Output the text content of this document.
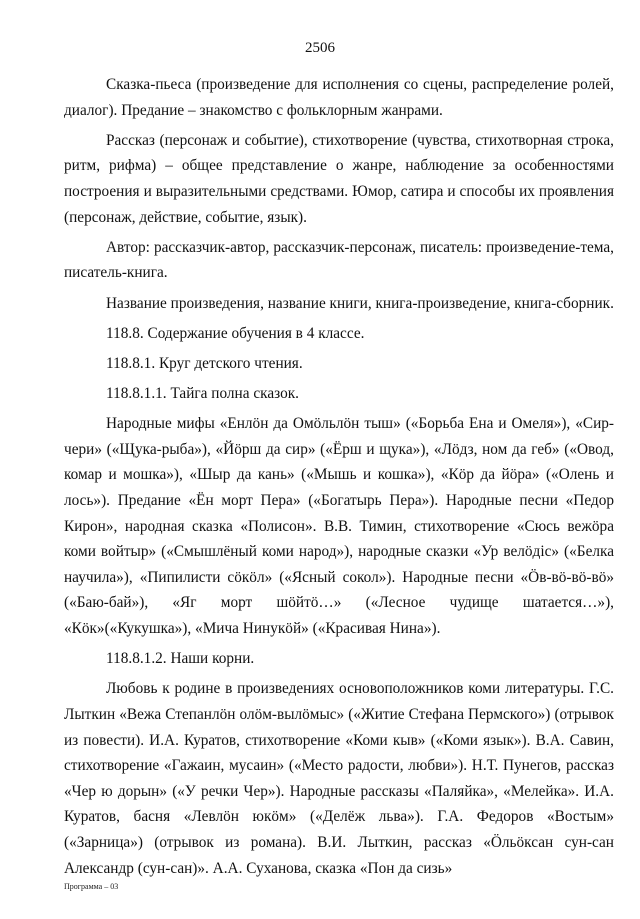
2506

Сказка-пьеса (произведение для исполнения со сцены, распределение ролей, диалог). Предание – знакомство с фольклорным жанрами.

Рассказ (персонаж и событие), стихотворение (чувства, стихотворная строка, ритм, рифма) – общее представление о жанре, наблюдение за особенностями построения и выразительными средствами. Юмор, сатира и способы их проявления (персонаж, действие, событие, язык).

Автор: рассказчик-автор, рассказчик-персонаж, писатель: произведение-тема, писатель-книга.

Название произведения, название книги, книга-произведение, книга-сборник.

118.8. Содержание обучения в 4 классе.

118.8.1. Круг детского чтения.

118.8.1.1. Тайга полна сказок.

Народные мифы «Енлӧн да Омӧльлӧн тыш» («Борьба Ена и Омеля»), «Сир-чери» («Щука-рыба»), «Йӧрш да сир» («Ёрш и щука»), «Лӧдз, ном да геб» («Овод, комар и мошка»), «Шыр да кань» («Мышь и кошка»), «Кӧр да йӧра» («Олень и лось»). Предание «Ён морт Пера» («Богатырь Пера»). Народные песни «Педор Кирон», народная сказка «Полисон». В.В. Тимин, стихотворение «Сюсь вежӧра коми войтыр» («Смышлёный коми народ»), народные сказки «Ур велӧдіс» («Белка научила»), «Пипилисти сӧкӧл» («Ясный сокол»). Народные песни «Ӧв-вӧ-вӧ-вӧ» («Баю-бай»), «Яг морт шӧйтӧ…» («Лесное чудище шатается…»), «Кӧк»(«Кукушка»), «Мича Нинукӧй» («Красивая Нина»).

118.8.1.2. Наши корни.

Любовь к родине в произведениях основоположников коми литературы. Г.С. Лыткин «Вежа Степанлӧн олӧм-вылӧмыс» («Житие Стефана Пермского») (отрывок из повести). И.А. Куратов, стихотворение «Коми кыв» («Коми язык»). В.А. Савин, стихотворение «Гажаин, мусаин» («Место радости, любви»). Н.Т. Пунегов, рассказ «Чер ю дорын» («У речки Чер»). Народные рассказы «Паляйка», «Мелейка». И.А. Куратов, басня «Левлӧн юкӧм» («Делёж льва»). Г.А. Федоров «Востым» («Зарница») (отрывок из романа). В.И. Лыткин, рассказ «Ӧльӧксан сун-сан Александр (сун-сан)». А.А. Суханова, сказка «Пон да сизь»

Программа – 03
